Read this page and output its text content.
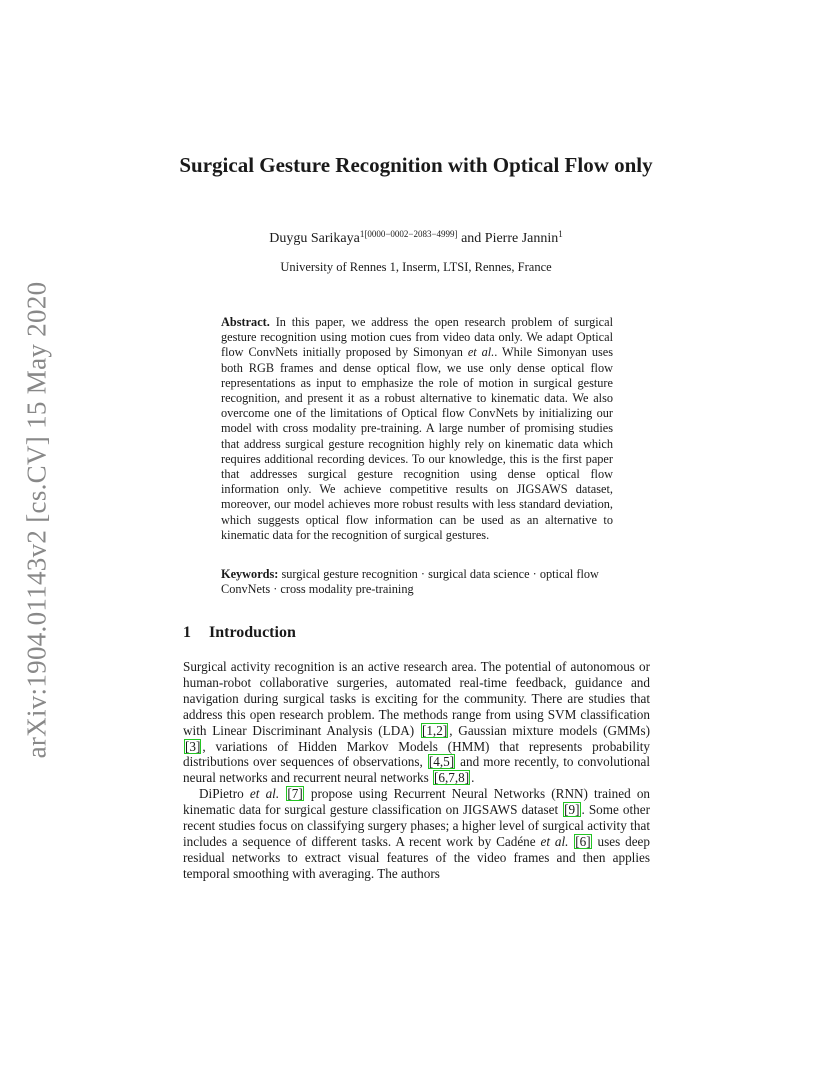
arXiv:1904.01143v2 [cs.CV] 15 May 2020
Surgical Gesture Recognition with Optical Flow only
Duygu Sarikaya$^{1[0000-0002-2083-4999]}$ and Pierre Jannin$^1$
University of Rennes 1, Inserm, LTSI, Rennes, France
Abstract. In this paper, we address the open research problem of surgical gesture recognition using motion cues from video data only. We adapt Optical flow ConvNets initially proposed by Simonyan et al.. While Simonyan uses both RGB frames and dense optical flow, we use only dense optical flow representations as input to emphasize the role of motion in surgical gesture recognition, and present it as a robust alternative to kinematic data. We also overcome one of the limitations of Optical flow ConvNets by initializing our model with cross modality pre-training. A large number of promising studies that address surgical gesture recognition highly rely on kinematic data which requires additional recording devices. To our knowledge, this is the first paper that addresses surgical gesture recognition using dense optical flow information only. We achieve competitive results on JIGSAWS dataset, moreover, our model achieves more robust results with less standard deviation, which suggests optical flow information can be used as an alternative to kinematic data for the recognition of surgical gestures.
Keywords: surgical gesture recognition · surgical data science · optical flow ConvNets · cross modality pre-training
1 Introduction

Surgical activity recognition is an active research area. The potential of autonomous or human-robot collaborative surgeries, automated real-time feedback, guidance and navigation during surgical tasks is exciting for the community. There are studies that address this open research problem. The methods range from using SVM classification with Linear Discriminant Analysis (LDA) [1,2] , Gaussian mixture models (GMMs) [3] , variations of Hidden Markov Models (HMM) that represents probability distributions over sequences of observations, [4,5] and more recently, to convolutional neural networks and recurrent neural networks [6,7,8] .

DiPietro et al. [7] propose using Recurrent Neural Networks (RNN) trained on kinematic data for surgical gesture classification on JIGSAWS dataset [9] . Some other recent studies focus on classifying surgery phases; a higher level of surgical activity that includes a sequence of different tasks. A recent work by Cadéne et al. [6] uses deep residual networks to extract visual features of the video frames and then applies temporal smoothing with averaging. The authors
